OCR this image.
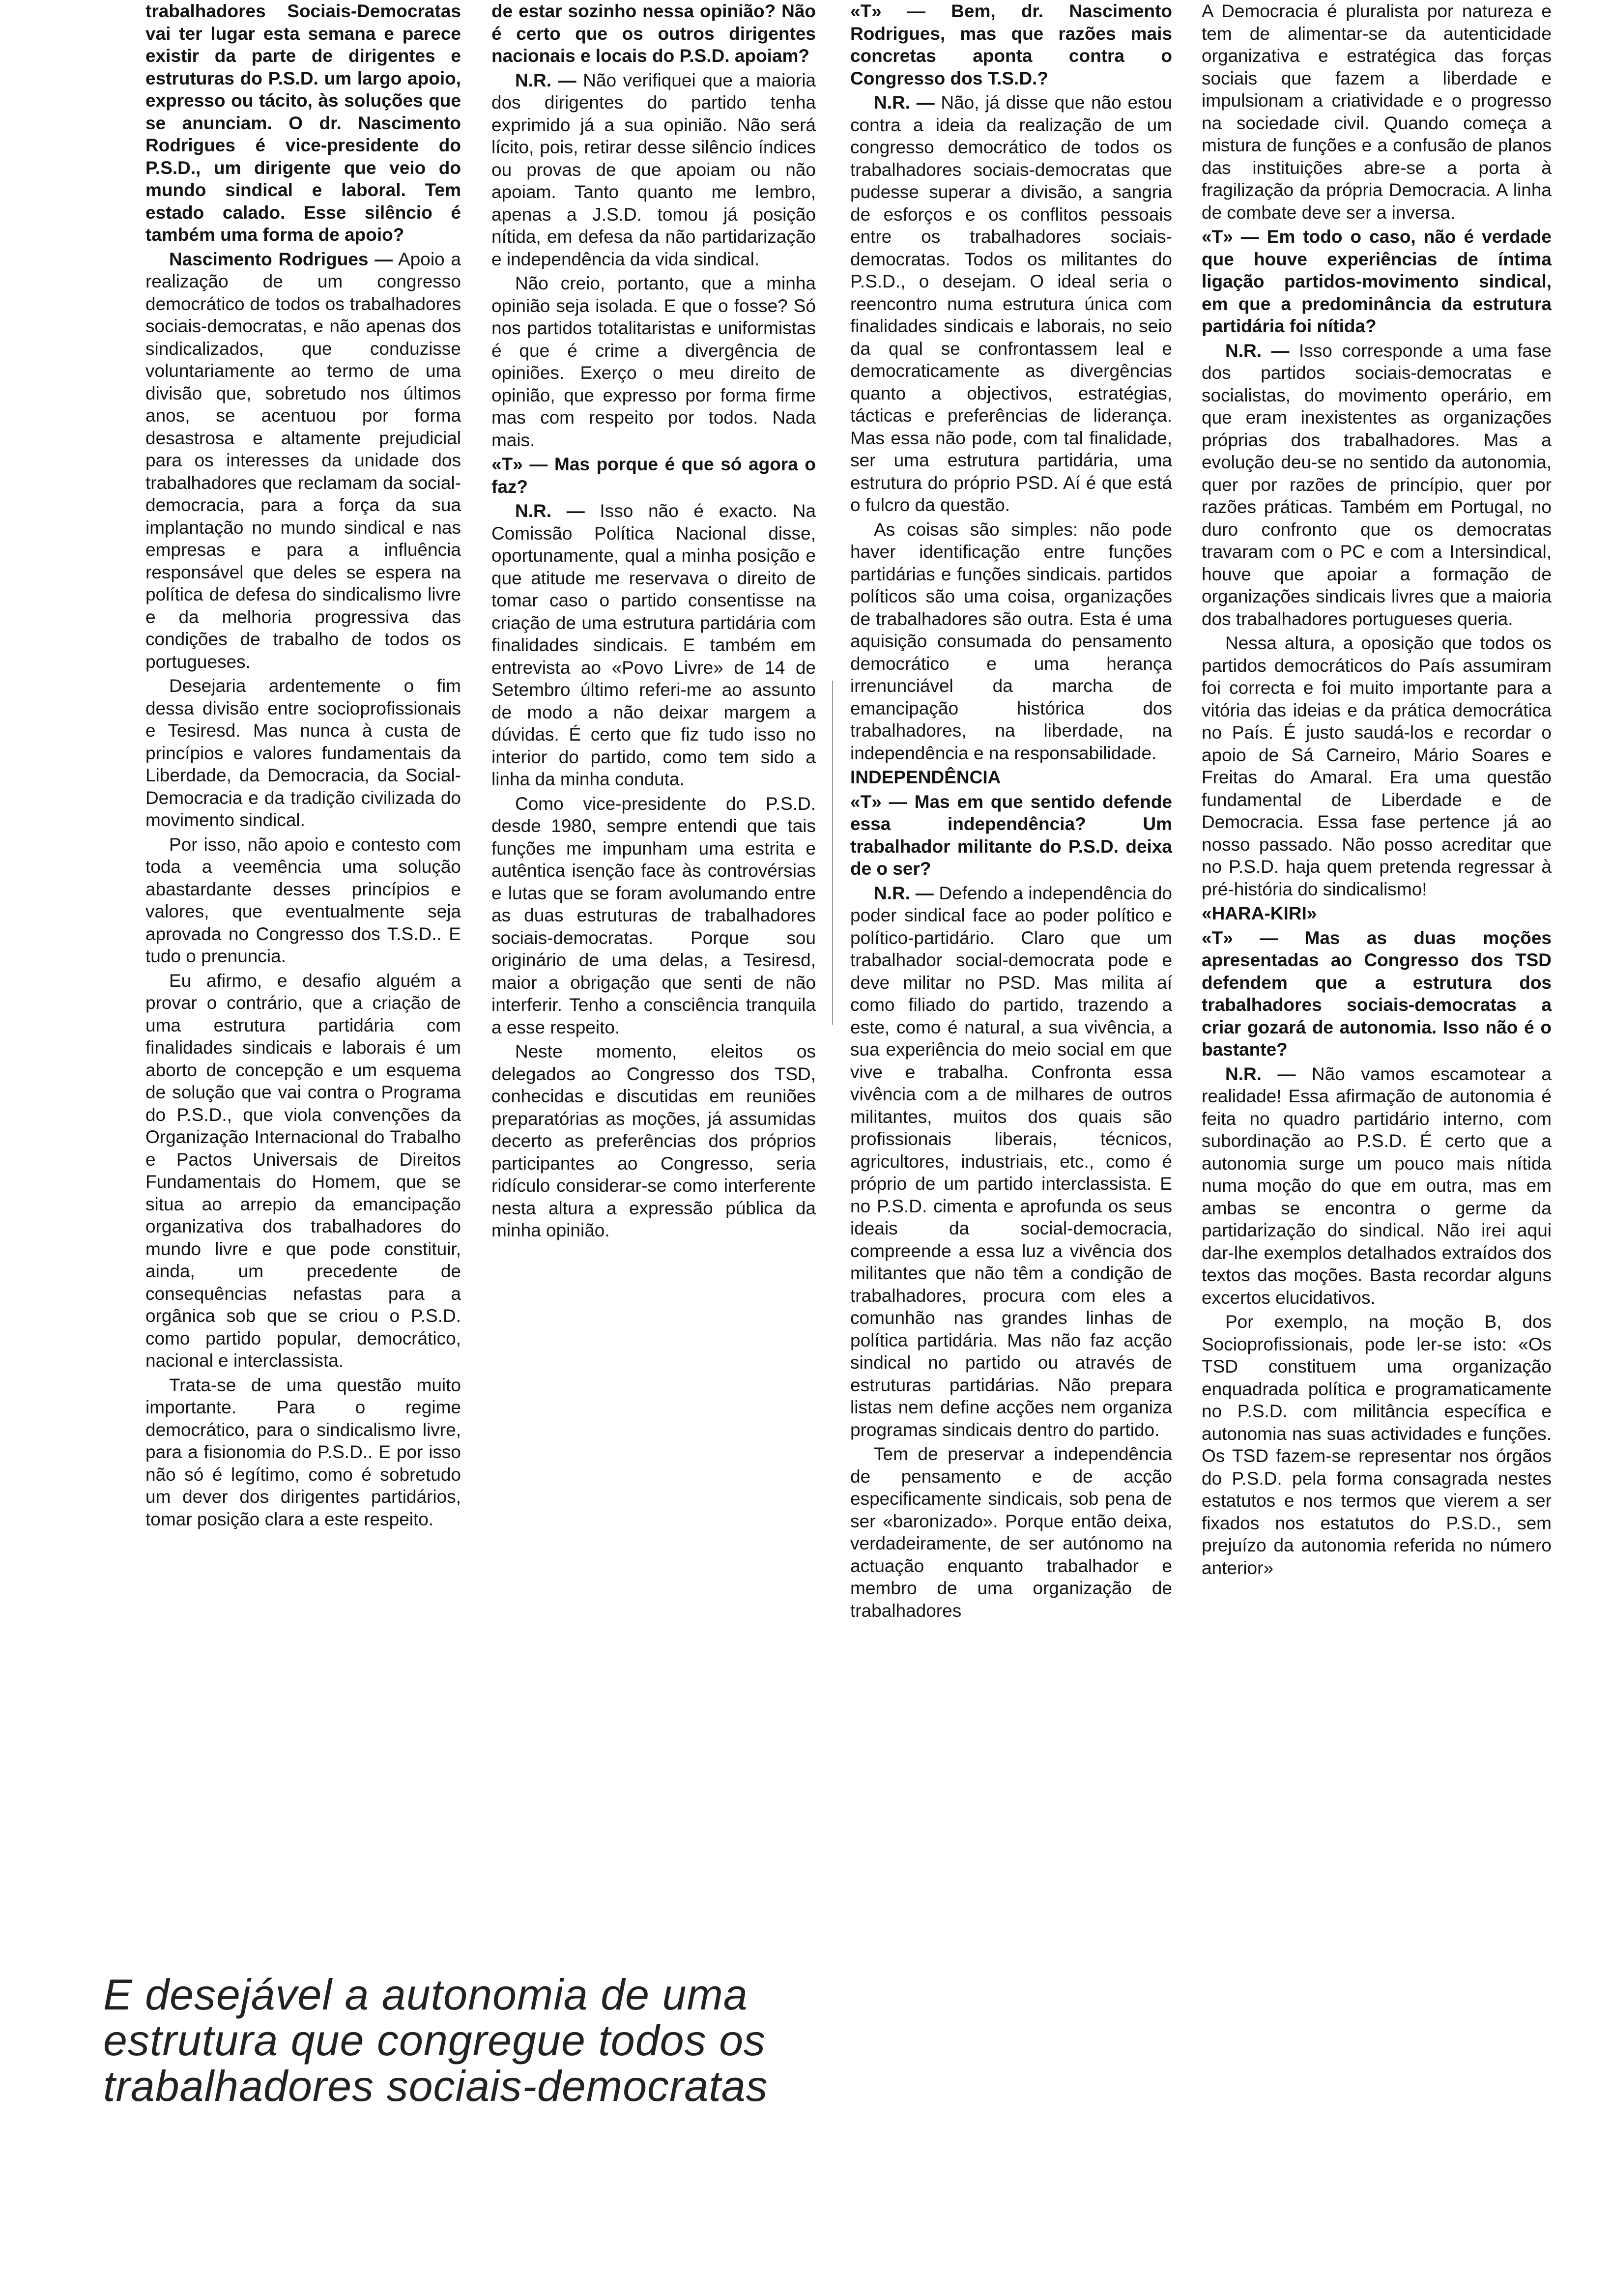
trabalhadores Sociais-Democratas vai ter lugar esta semana e parece existir da parte de dirigentes e estruturas do P.S.D. um largo apoio, expresso ou tácito, às soluções que se anunciam. O dr. Nascimento Rodrigues é vice-presidente do P.S.D., um dirigente que veio do mundo sindical e laboral. Tem estado calado. Esse silêncio é também uma forma de apoio?

Nascimento Rodrigues — Apoio a realização de um congresso democrático de todos os trabalhadores sociais-democratas, e não apenas dos sindicalizados, que conduzisse voluntariamente ao termo de uma divisão que, sobretudo nos últimos anos, se acentuou por forma desastrosa e altamente prejudicial para os interesses da unidade dos trabalhadores que reclamam da social-democracia, para a força da sua implantação no mundo sindical e nas empresas e para a influência responsável que deles se espera na política de defesa do sindicalismo livre e da melhoria progressiva das condições de trabalho de todos os portugueses.

Desejaria ardentemente o fim dessa divisão entre socioprofissionais e Tesiresd. Mas nunca à custa de princípios e valores fundamentais da Liberdade, da Democracia, da Social-Democracia e da tradição civilizada do movimento sindical.

Por isso, não apoio e contesto com toda a veemência uma solução abastardante desses princípios e valores, que eventualmente seja aprovada no Congresso dos T.S.D.. E tudo o prenuncia.

Eu afirmo, e desafio alguém a provar o contrário, que a criação de uma estrutura partidária com finalidades sindicais e laborais é um aborto de concepção e um esquema de solução que vai contra o Programa do P.S.D., que viola convenções da Organização Internacional do Trabalho e Pactos Universais de Direitos Fundamentais do Homem, que se situa ao arrepio da emancipação organizativa dos trabalhadores do mundo livre e que pode constituir, ainda, um precedente de consequências nefastas para a orgânica sob que se criou o P.S.D. como partido popular, democrático, nacional e interclassista.

Trata-se de uma questão muito importante. Para o regime democrático, para o sindicalismo livre, para a fisionomia do P.S.D.. E por isso não só é legítimo, como é sobretudo um dever dos dirigentes partidários, tomar posição clara a este respeito.

de estar sozinho nessa opinião? Não é certo que os outros dirigentes nacionais e locais do P.S.D. apoiam?

N.R. — Não verifiquei que a maioria dos dirigentes do partido tenha exprimido já a sua opinião. Não será lícito, pois, retirar desse silêncio índices ou provas de que apoiam ou não apoiam. Tanto quanto me lembro, apenas a J.S.D. tomou já posição nítida, em defesa da não partidarização e independência da vida sindical.

Não creio, portanto, que a minha opinião seja isolada. E que o fosse? Só nos partidos totalitaristas e uniformistas é que é crime a divergência de opiniões. Exerço o meu direito de opinião, que expresso por forma firme mas com respeito por todos. Nada mais.

«T» — Mas porque é que só agora o faz?

N.R. — Isso não é exacto. Na Comissão Política Nacional disse, oportunamente, qual a minha posição e que atitude me reservava o direito de tomar caso o partido consentisse na criação de uma estrutura partidária com finalidades sindicais. E também em entrevista ao «Povo Livre» de 14 de Setembro último referi-me ao assunto de modo a não deixar margem a dúvidas. É certo que fiz tudo isso no interior do partido, como tem sido a linha da minha conduta.

Como vice-presidente do P.S.D. desde 1980, sempre entendi que tais funções me impunham uma estrita e autêntica isenção face às controvérsias e lutas que se foram avolumando entre as duas estruturas de trabalhadores sociais-democratas. Porque sou originário de uma delas, a Tesiresd, maior a obrigação que senti de não interferir. Tenho a consciência tranquila a esse respeito.

Neste momento, eleitos os delegados ao Congresso dos TSD, conhecidas e discutidas em reuniões preparatórias as moções, já assumidas decerto as preferências dos próprios participantes ao Congresso, seria ridículo considerar-se como interferente nesta altura a expressão pública da minha opinião.

«T» — Bem, dr. Nascimento Rodrigues, mas que razões mais concretas aponta contra o Congresso dos T.S.D.?

N.R. — Não, já disse que não estou contra a ideia da realização de um congresso democrático de todos os trabalhadores sociais-democratas que pudesse superar a divisão, a sangria de esforços e os conflitos pessoais entre os trabalhadores sociais-democratas. Todos os militantes do P.S.D., o desejam. O ideal seria o reencontro numa estrutura única com finalidades sindicais e laborais, no seio da qual se confrontassem leal e democraticamente as divergências quanto a objectivos, estratégias, tácticas e preferências de liderança. Mas essa não pode, com tal finalidade, ser uma estrutura partidária, uma estrutura do próprio PSD. Aí é que está o fulcro da questão.

As coisas são simples: não pode haver identificação entre funções partidárias e funções sindicais. partidos políticos são uma coisa, organizações de trabalhadores são outra. Esta é uma aquisição consumada do pensamento democrático e uma herança irrenunciável da marcha de emancipação histórica dos trabalhadores, na liberdade, na independência e na responsabilidade.

INDEPENDÊNCIA

«T» — Mas em que sentido defende essa independência? Um trabalhador militante do P.S.D. deixa de o ser?

N.R. — Defendo a independência do poder sindical face ao poder político e político-partidário. Claro que um trabalhador social-democrata pode e deve militar no PSD. Mas milita aí como filiado do partido, trazendo a este, como é natural, a sua vivência, a sua experiência do meio social em que vive e trabalha. Confronta essa vivência com a de milhares de outros militantes, muitos dos quais são profissionais liberais, técnicos, agricultores, industriais, etc., como é próprio de um partido interclassista. E no P.S.D. cimenta e aprofunda os seus ideais da social-democracia, compreende a essa luz a vivência dos militantes que não têm a condição de trabalhadores, procura com eles a comunhão nas grandes linhas de política partidária. Mas não faz acção sindical no partido ou através de estruturas partidárias. Não prepara listas nem define acções nem organiza programas sindicais dentro do partido.

Tem de preservar a independência de pensamento e de acção especificamente sindicais, sob pena de ser «baronizado». Porque então deixa, verdadeiramente, de ser autónomo na actuação enquanto trabalhador e membro de uma organização de trabalhadores

A Democracia é pluralista por natureza e tem de alimentar-se da autenticidade organizativa e estratégica das forças sociais que fazem a liberdade e impulsionam a criatividade e o progresso na sociedade civil. Quando começa a mistura de funções e a confusão de planos das instituições abre-se a porta à fragilização da própria Democracia. A linha de combate deve ser a inversa.

«T» — Em todo o caso, não é verdade que houve experiências de íntima ligação partidos-movimento sindical, em que a predominância da estrutura partidária foi nítida?

N.R. — Isso corresponde a uma fase dos partidos sociais-democratas e socialistas, do movimento operário, em que eram inexistentes as organizações próprias dos trabalhadores. Mas a evolução deu-se no sentido da autonomia, quer por razões de princípio, quer por razões práticas. Também em Portugal, no duro confronto que os democratas travaram com o PC e com a Intersindical, houve que apoiar a formação de organizações sindicais livres que a maioria dos trabalhadores portugueses queria.

Nessa altura, a oposição que todos os partidos democráticos do País assumiram foi correcta e foi muito importante para a vitória das ideias e da prática democrática no País. É justo saudá-los e recordar o apoio de Sá Carneiro, Mário Soares e Freitas do Amaral. Era uma questão fundamental de Liberdade e de Democracia. Essa fase pertence já ao nosso passado. Não posso acreditar que no P.S.D. haja quem pretenda regressar à pré-história do sindicalismo!

«HARA-KIRI»

«T» — Mas as duas moções apresentadas ao Congresso dos TSD defendem que a estrutura dos trabalhadores sociais-democratas a criar gozará de autonomia. Isso não é o bastante?

N.R. — Não vamos escamotear a realidade! Essa afirmação de autonomia é feita no quadro partidário interno, com subordinação ao P.S.D. É certo que a autonomia surge um pouco mais nítida numa moção do que em outra, mas em ambas se encontra o germe da partidarização do sindical. Não irei aqui dar-lhe exemplos detalhados extraídos dos textos das moções. Basta recordar alguns excertos elucidativos.

Por exemplo, na moção B, dos Socioprofissionais, pode ler-se isto: «Os TSD constituem uma organização enquadrada política e programaticamente no P.S.D. com militância específica e autonomia nas suas actividades e funções. Os TSD fazem-se representar nos órgãos do P.S.D. pela forma consagrada nestes estatutos e nos termos que vierem a ser fixados nos estatutos do P.S.D., sem prejuízo da autonomia referida no número anterior»

E desejável a autonomia de uma estrutura que congregue todos os trabalhadores sociais-democratas
